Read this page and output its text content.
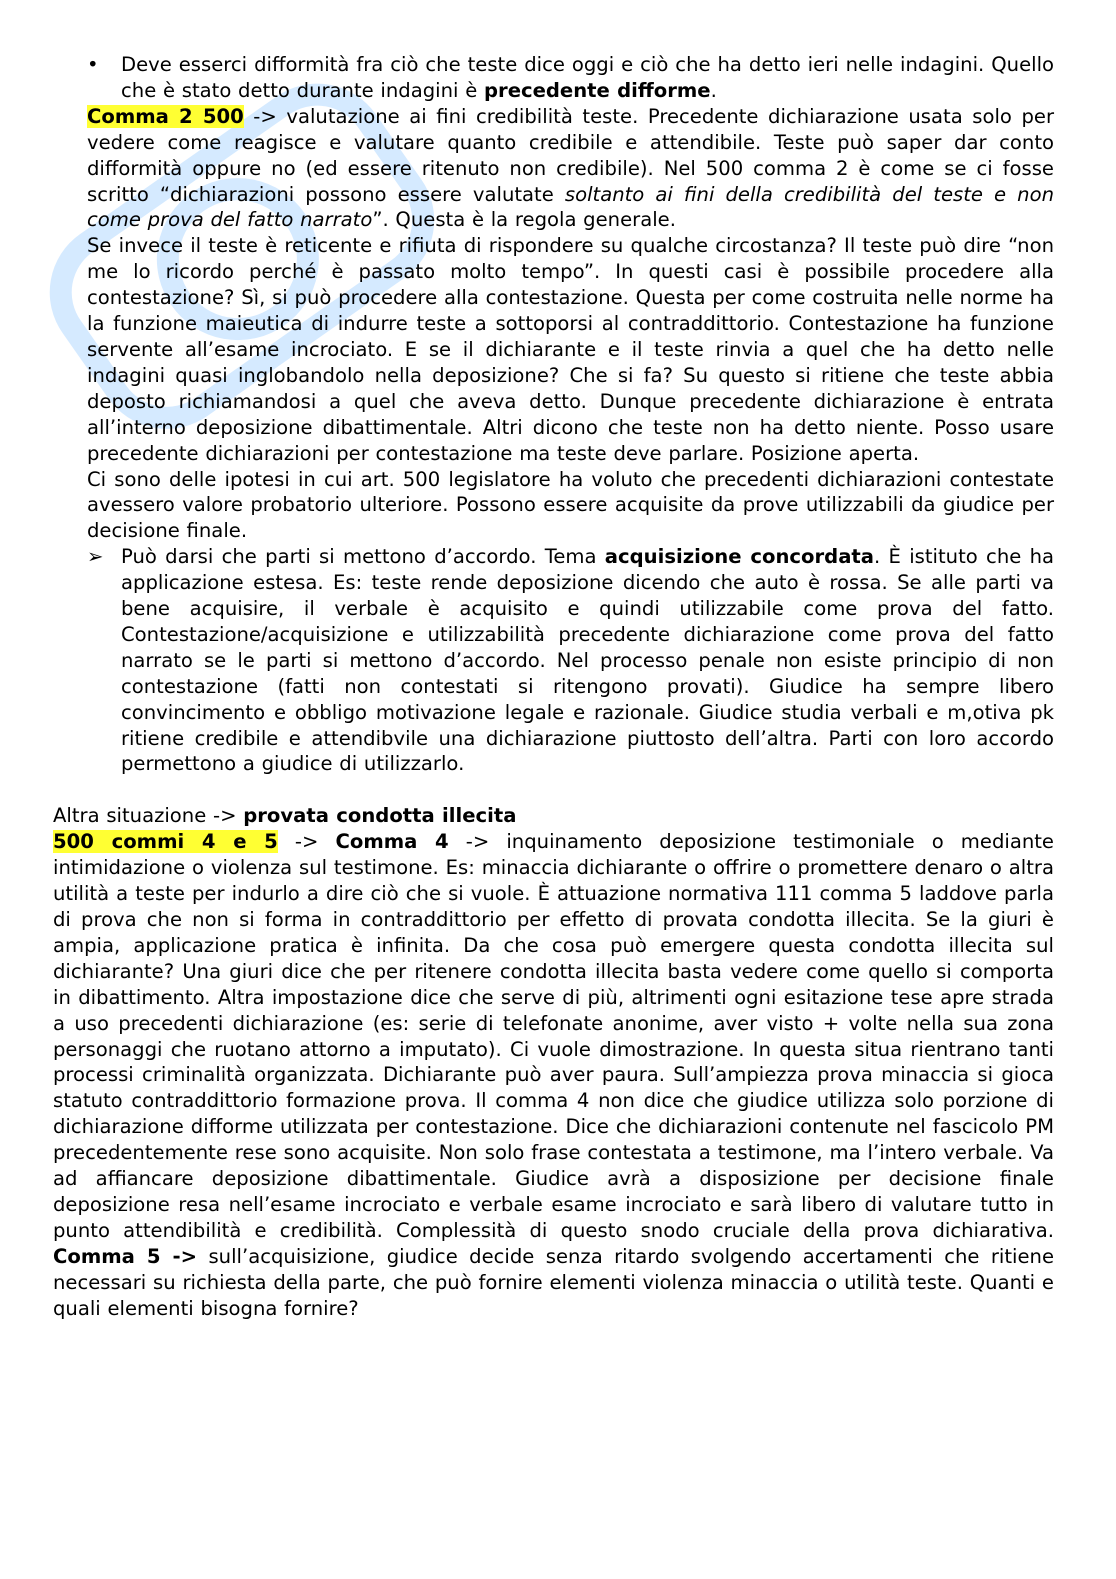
• Deve esserci difformità fra ciò che teste dice oggi e ciò che ha detto ieri nelle indagini. Quello che è stato detto durante indagini è precedente difforme.

Comma 2 500 -> valutazione ai fini credibilità teste. Precedente dichiarazione usata solo per vedere come reagisce e valutare quanto credibile e attendibile. Teste può saper dar conto difformità oppure no (ed essere ritenuto non credibile). Nel 500 comma 2 è come se ci fosse scritto “dichiarazioni possono essere valutate soltanto ai fini della credibilità del teste e non come prova del fatto narrato”. Questa è la regola generale.

Se invece il teste è reticente e rifiuta di rispondere su qualche circostanza? Il teste può dire “non me lo ricordo perché è passato molto tempo”. In questi casi è possibile procedere alla contestazione? Sì, si può procedere alla contestazione. Questa per come costruita nelle norme ha la funzione maieutica di indurre teste a sottoporsi al contraddittorio. Contestazione ha funzione servente all’esame incrociato. E se il dichiarante e il teste rinvia a quel che ha detto nelle indagini quasi inglobandolo nella deposizione? Che si fa? Su questo si ritiene che teste abbia deposto richiamandosi a quel che aveva detto. Dunque precedente dichiarazione è entrata all’interno deposizione dibattimentale. Altri dicono che teste non ha detto niente. Posso usare precedente dichiarazioni per contestazione ma teste deve parlare. Posizione aperta.

Ci sono delle ipotesi in cui art. 500 legislatore ha voluto che precedenti dichiarazioni contestate avessero valore probatorio ulteriore. Possono essere acquisite da prove utilizzabili da giudice per decisione finale.

➢ Può darsi che parti si mettono d’accordo. Tema acquisizione concordata. È istituto che ha applicazione estesa. Es: teste rende deposizione dicendo che auto è rossa. Se alle parti va bene acquisire, il verbale è acquisito e quindi utilizzabile come prova del fatto. Contestazione/acquisizione e utilizzabilità precedente dichiarazione come prova del fatto narrato se le parti si mettono d’accordo. Nel processo penale non esiste principio di non contestazione (fatti non contestati si ritengono provati). Giudice ha sempre libero convincimento e obbligo motivazione legale e razionale. Giudice studia verbali e m,otiva pk ritiene credibile e attendibvile una dichiarazione piuttosto dell’altra. Parti con loro accordo permettono a giudice di utilizzarlo.

Altra situazione -> provata condotta illecita

500 commi 4 e 5 -> Comma 4 -> inquinamento deposizione testimoniale o mediante intimidazione o violenza sul testimone. Es: minaccia dichiarante o offrire o promettere denaro o altra utilità a teste per indurlo a dire ciò che si vuole. È attuazione normativa 111 comma 5 laddove parla di prova che non si forma in contraddittorio per effetto di provata condotta illecita. Se la giuri è ampia, applicazione pratica è infinita. Da che cosa può emergere questa condotta illecita sul dichiarante? Una giuri dice che per ritenere condotta illecita basta vedere come quello si comporta in dibattimento. Altra impostazione dice che serve di più, altrimenti ogni esitazione tese apre strada a uso precedenti dichiarazione (es: serie di telefonate anonime, aver visto + volte nella sua zona personaggi che ruotano attorno a imputato). Ci vuole dimostrazione. In questa situa rientrano tanti processi criminalità organizzata. Dichiarante può aver paura. Sull’ampiezza prova minaccia si gioca statuto contraddittorio formazione prova. Il comma 4 non dice che giudice utilizza solo porzione di dichiarazione difforme utilizzata per contestazione. Dice che dichiarazioni contenute nel fascicolo PM precedentemente rese sono acquisite. Non solo frase contestata a testimone, ma l’intero verbale. Va ad affiancare deposizione dibattimentale. Giudice avrà a disposizione per decisione finale deposizione resa nell’esame incrociato e verbale esame incrociato e sarà libero di valutare tutto in punto attendibilità e credibilità. Complessità di questo snodo cruciale della prova dichiarativa. Comma 5 -> sull’acquisizione, giudice decide senza ritardo svolgendo accertamenti che ritiene necessari su richiesta della parte, che può fornire elementi violenza minaccia o utilità teste. Quanti e quali elementi bisogna fornire?
